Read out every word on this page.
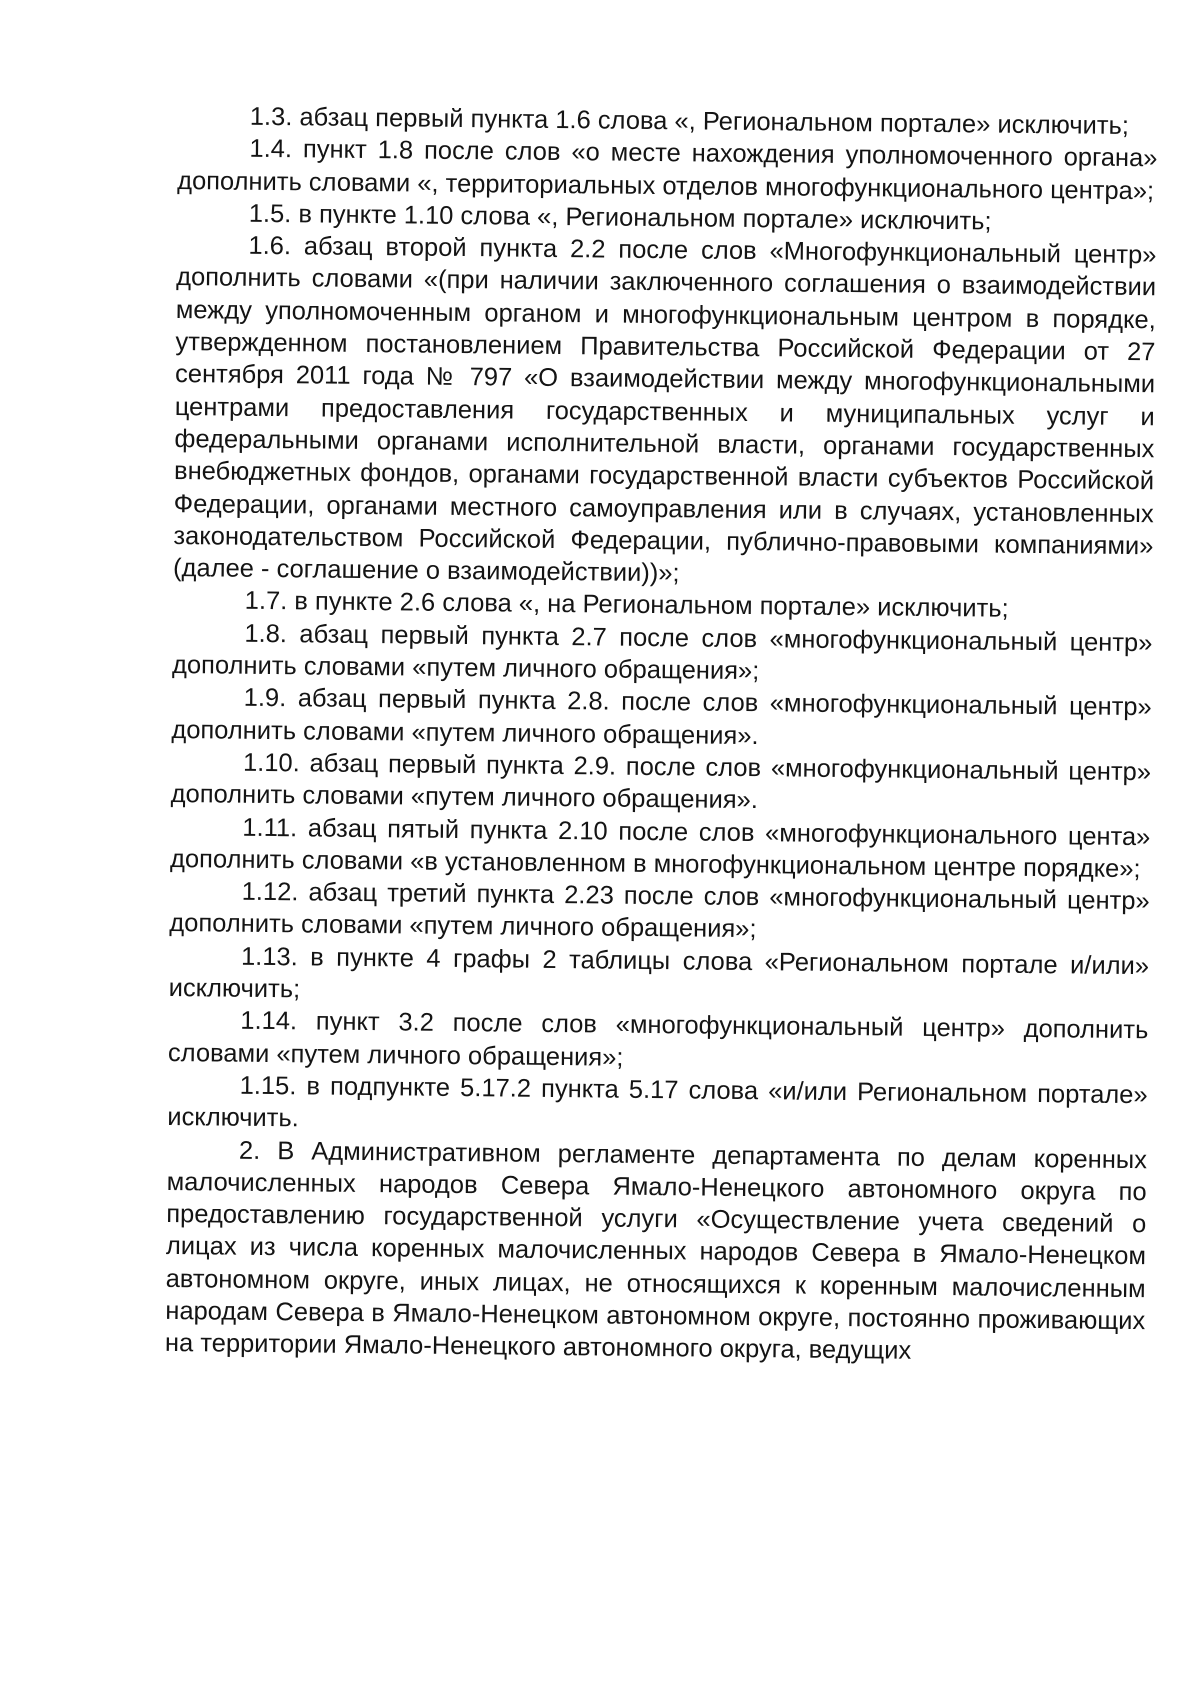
1.3. абзац первый пункта 1.6 слова «, Региональном портале» исключить;

1.4. пункт 1.8 после слов «о месте нахождения уполномоченного органа» дополнить словами «, территориальных отделов многофункционального центра»;

1.5. в пункте 1.10 слова «, Региональном портале» исключить;

1.6. абзац второй пункта 2.2 после слов «Многофункциональный центр» дополнить словами «(при наличии заключенного соглашения о взаимодействии между уполномоченным органом и многофункциональным центром в порядке, утвержденном постановлением Правительства Российской Федерации от 27 сентября 2011 года № 797 «О взаимодействии между многофункциональными центрами предоставления государственных и муниципальных услуг и федеральными органами исполнительной власти, органами государственных внебюджетных фондов, органами государственной власти субъектов Российской Федерации, органами местного самоуправления или в случаях, установленных законодательством Российской Федерации, публично-правовыми компаниями» (далее - соглашение о взаимодействии))»;

1.7. в пункте 2.6 слова «, на Региональном портале» исключить;

1.8. абзац первый пункта 2.7 после слов «многофункциональный центр» дополнить словами «путем личного обращения»;

1.9. абзац первый пункта 2.8. после слов «многофункциональный центр» дополнить словами «путем личного обращения».

1.10. абзац первый пункта 2.9. после слов «многофункциональный центр» дополнить словами «путем личного обращения».

1.11. абзац пятый пункта 2.10 после слов «многофункционального цента» дополнить словами «в установленном в многофункциональном центре порядке»;

1.12. абзац третий пункта 2.23 после слов «многофункциональный центр» дополнить словами «путем личного обращения»;

1.13. в пункте 4 графы 2 таблицы слова «Региональном портале и/или» исключить;

1.14. пункт 3.2 после слов «многофункциональный центр» дополнить словами «путем личного обращения»;

1.15. в подпункте 5.17.2 пункта 5.17 слова «и/или Региональном портале» исключить.

2. В Административном регламенте департамента по делам коренных малочисленных народов Севера Ямало-Ненецкого автономного округа по предоставлению государственной услуги «Осуществление учета сведений о лицах из числа коренных малочисленных народов Севера в Ямало-Ненецком автономном округе, иных лицах, не относящихся к коренным малочисленным народам Севера в Ямало-Ненецком автономном округе, постоянно проживающих на территории Ямало-Ненецкого автономного округа, ведущих
